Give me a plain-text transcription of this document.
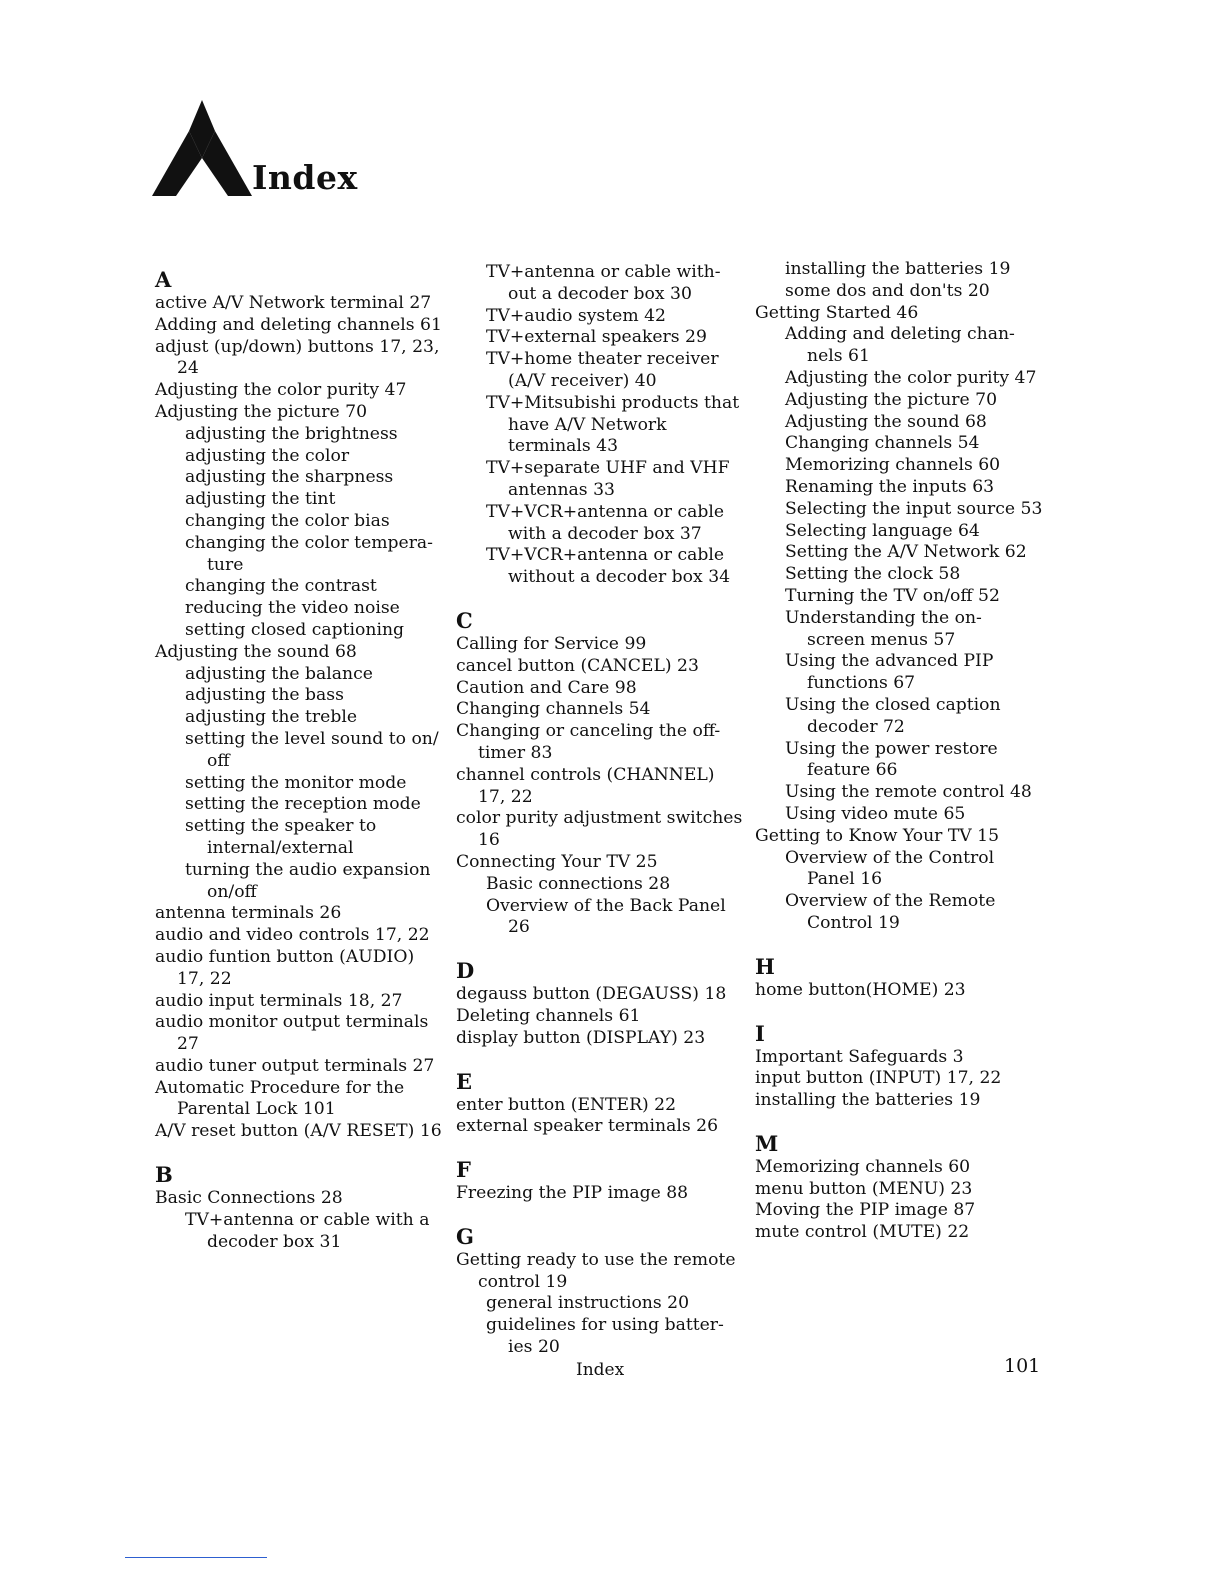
Index
A
active A/V Network terminal 27
Adding and deleting channels 61
adjust (up/down) buttons 17, 23, 24
Adjusting the color purity 47
Adjusting the picture 70
adjusting the brightness
adjusting the color
adjusting the sharpness
adjusting the tint
changing the color bias
changing the color tempera- ture
changing the contrast
reducing the video noise
setting closed captioning
Adjusting the sound 68
adjusting the balance
adjusting the bass
adjusting the treble
setting the level sound to on/ off
setting the monitor mode
setting the reception mode
setting the speaker to internal/external
turning the audio expansion on/off
antenna terminals 26
audio and video controls 17, 22
audio funtion button (AUDIO) 17, 22
audio input terminals 18, 27
audio monitor output terminals 27
audio tuner output terminals 27
Automatic Procedure for the Parental Lock 101
A/V reset button (A/V RESET) 16
B
Basic Connections 28
TV+antenna or cable with a decoder box 31
TV+antenna or cable with- out a decoder box 30
TV+audio system 42
TV+external speakers 29
TV+home theater receiver (A/V receiver) 40
TV+Mitsubishi products that have A/V Network terminals 43
TV+separate UHF and VHF antennas 33
TV+VCR+antenna or cable with a decoder box 37
TV+VCR+antenna or cable without a decoder box 34
C
Calling for Service 99
cancel button (CANCEL) 23
Caution and Care 98
Changing channels 54
Changing or canceling the off- timer 83
channel controls (CHANNEL) 17, 22
color purity adjustment switches 16
Connecting Your TV 25
Basic connections 28
Overview of the Back Panel 26
D
degauss button (DEGAUSS) 18
Deleting channels 61
display button (DISPLAY) 23
E
enter button (ENTER) 22
external speaker terminals 26
F
Freezing the PIP image 88
G
Getting ready to use the remote control 19
general instructions 20
guidelines for using batter- ies 20
installing the batteries 19
some dos and don'ts 20
Getting Started 46
Adding and deleting chan- nels 61
Adjusting the color purity 47
Adjusting the picture 70
Adjusting the sound 68
Changing channels 54
Memorizing channels 60
Renaming the inputs 63
Selecting the input source 53
Selecting language 64
Setting the A/V Network 62
Setting the clock 58
Turning the TV on/off 52
Understanding the on- screen menus 57
Using the advanced PIP functions 67
Using the closed caption decoder 72
Using the power restore feature 66
Using the remote control 48
Using video mute 65
Getting to Know Your TV 15
Overview of the Control Panel 16
Overview of the Remote Control 19
H
home button(HOME) 23
I
Important Safeguards 3
input button (INPUT) 17, 22
installing the batteries 19
M
Memorizing channels 60
menu button (MENU) 23
Moving the PIP image 87
mute control (MUTE) 22
Index	101
